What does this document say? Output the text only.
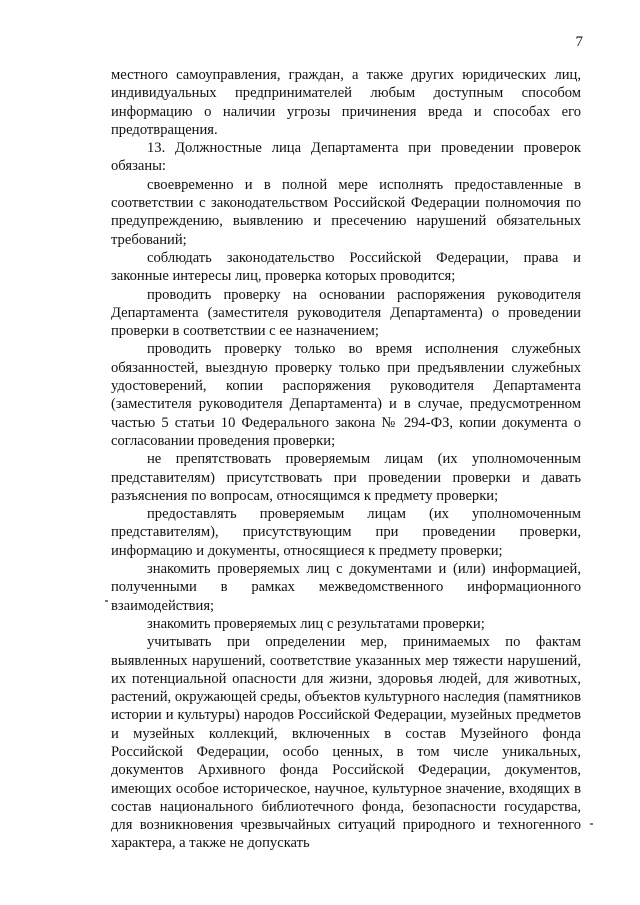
7

местного самоуправления, граждан, а также других юридических лиц, индивидуальных предпринимателей любым доступным способом информацию о наличии угрозы причинения вреда и способах его предотвращения.

13. Должностные лица Департамента при проведении проверок обязаны:

своевременно и в полной мере исполнять предоставленные в соответствии с законодательством Российской Федерации полномочия по предупреждению, выявлению и пресечению нарушений обязательных требований;

соблюдать законодательство Российской Федерации, права и законные интересы лиц, проверка которых проводится;

проводить проверку на основании распоряжения руководителя Департамента (заместителя руководителя Департамента) о проведении проверки в соответствии с ее назначением;

проводить проверку только во время исполнения служебных обязанностей, выездную проверку только при предъявлении служебных удостоверений, копии распоряжения руководителя Департамента (заместителя руководителя Департамента) и в случае, предусмотренном частью 5 статьи 10 Федерального закона № 294-ФЗ, копии документа о согласовании проведения проверки;

не препятствовать проверяемым лицам (их уполномоченным представителям) присутствовать при проведении проверки и давать разъяснения по вопросам, относящимся к предмету проверки;

предоставлять проверяемым лицам (их уполномоченным представителям), присутствующим при проведении проверки, информацию и документы, относящиеся к предмету проверки;

знакомить проверяемых лиц с документами и (или) информацией, полученными в рамках межведомственного информационного взаимодействия;

знакомить проверяемых лиц с результатами проверки;

учитывать при определении мер, принимаемых по фактам выявленных нарушений, соответствие указанных мер тяжести нарушений, их потенциальной опасности для жизни, здоровья людей, для животных, растений, окружающей среды, объектов культурного наследия (памятников истории и культуры) народов Российской Федерации, музейных предметов и музейных коллекций, включенных в состав Музейного фонда Российской Федерации, особо ценных, в том числе уникальных, документов Архивного фонда Российской Федерации, документов, имеющих особое историческое, научное, культурное значение, входящих в состав национального библиотечного фонда, безопасности государства, для возникновения чрезвычайных ситуаций природного и техногенного характера, а также не допускать
